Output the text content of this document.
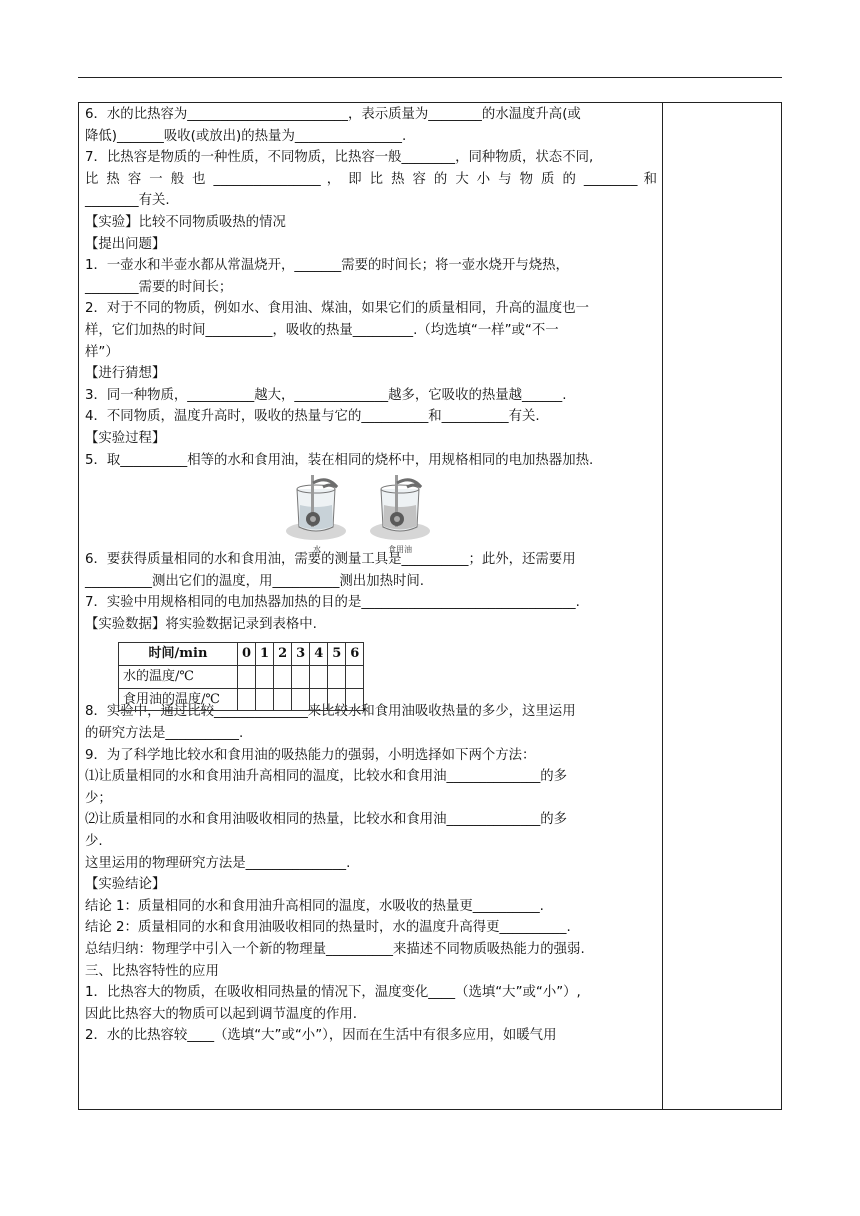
6．水的比热容为________________________，表示质量为________的水温度升高(或
降低)_______吸收(或放出)的热量为________________.
7．比热容是物质的一种性质，不同物质，比热容一般________，同种物质，状态不同,
比 热 容 一 般 也 ________________ ， 即 比 热 容 的 大 小 与 物 质 的 ________ 和
________有关.
【实验】比较不同物质吸热的情况
【提出问题】
1．一壶水和半壶水都从常温烧开，_______需要的时间长；将一壶水烧开与烧热，
________需要的时间长；
2．对于不同的物质，例如水、食用油、煤油，如果它们的质量相同，升高的温度也一
样，它们加热的时间__________，吸收的热量_________.（均选填“一样”或“不一
样”）
【进行猜想】
3．同一种物质，__________越大，______________越多，它吸收的热量越______.
4．不同物质，温度升高时，吸收的热量与它的__________和__________有关.
【实验过程】
5．取__________相等的水和食用油，装在相同的烧杯中，用规格相同的电加热器加热.
水	食用油
6．要获得质量相同的水和食用油，需要的测量工具是__________；此外，还需要用
__________测出它们的温度，用__________测出加热时间.
7．实验中用规格相同的电加热器加热的目的是________________________________.
【实验数据】将实验数据记录到表格中.
时间/min	0	1	2	3	4	5	6
水的温度/℃							
食用油的温度/℃							
8．实验中，通过比较______________来比较水和食用油吸收热量的多少，这里运用
的研究方法是___________.
9．为了科学地比较水和食用油的吸热能力的强弱，小明选择如下两个方法：
⑴让质量相同的水和食用油升高相同的温度，比较水和食用油______________的多
少；
⑵让质量相同的水和食用油吸收相同的热量，比较水和食用油______________的多
少.
这里运用的物理研究方法是_______________.
【实验结论】
结论 1：质量相同的水和食用油升高相同的温度，水吸收的热量更__________.
结论 2：质量相同的水和食用油吸收相同的热量时，水的温度升高得更__________.
总结归纳：物理学中引入一个新的物理量__________来描述不同物质吸热能力的强弱.
三、比热容特性的应用
1．比热容大的物质，在吸收相同热量的情况下，温度变化____（选填“大”或“小”）,
因此比热容大的物质可以起到调节温度的作用.
2．水的比热容较____（选填“大”或“小”），因而在生活中有很多应用，如暖气用
